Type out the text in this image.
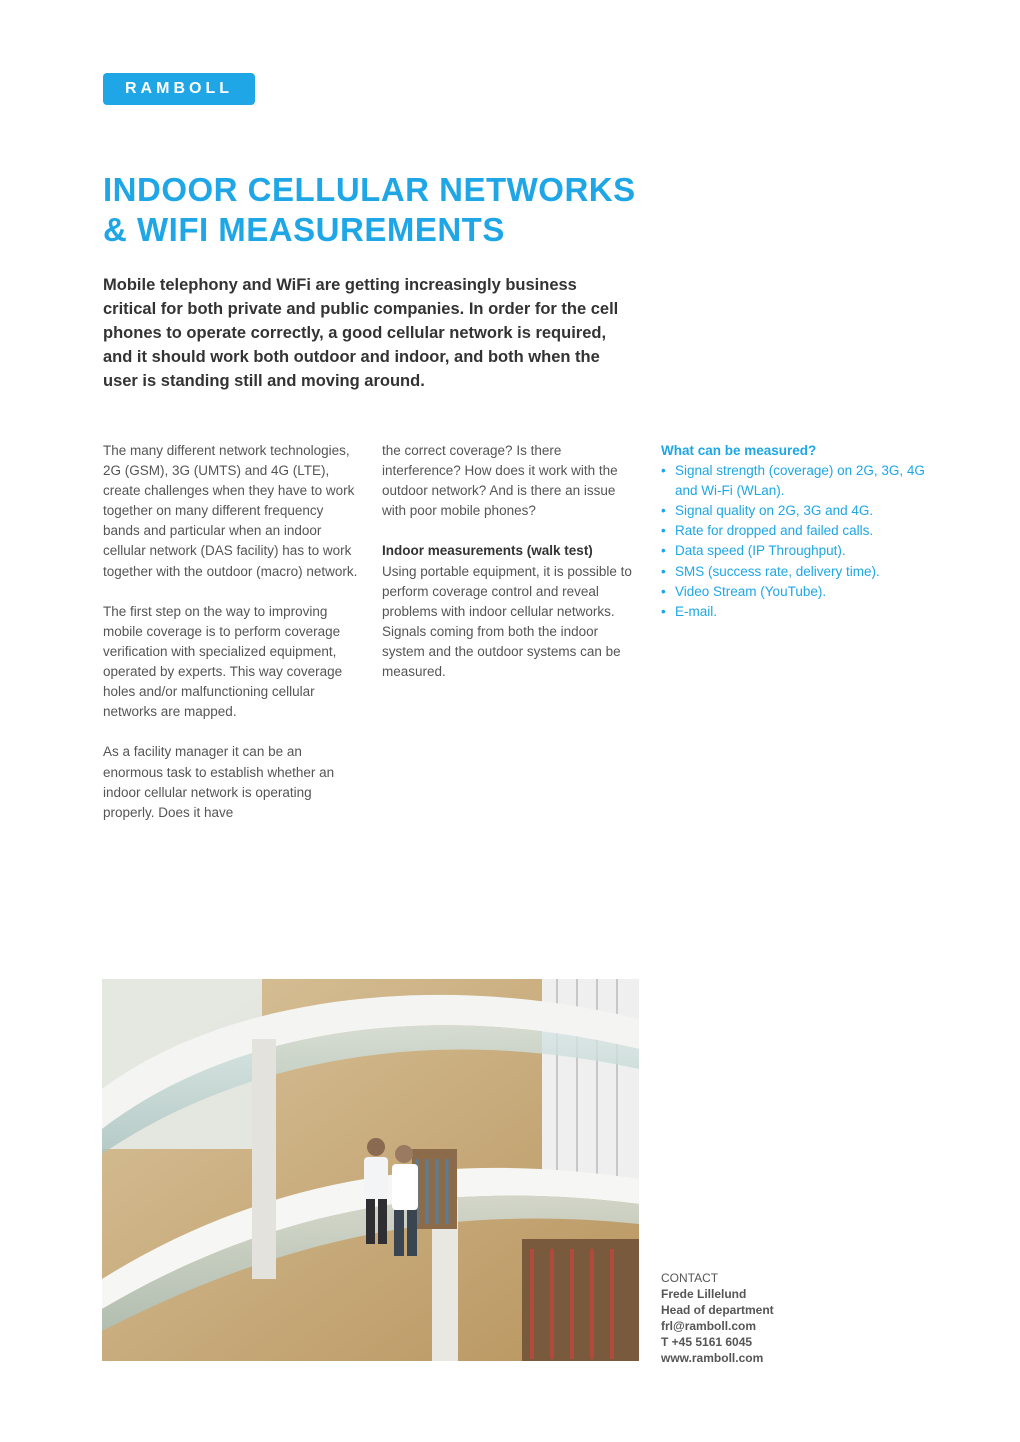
RAMBOLL
INDOOR CELLULAR NETWORKS
& WIFI MEASUREMENTS

Mobile telephony and WiFi are getting increasingly business critical for both private and public companies. In order for the cell phones to operate correctly, a good cellular network is required, and it should work both outdoor and indoor, and both when the user is standing still and moving around.

The many different network technologies, 2G (GSM), 3G (UMTS) and 4G (LTE), create challenges when they have to work together on many different frequency bands and particular when an indoor cellular network (DAS facility) has to work together with the outdoor (macro) network.

The first step on the way to improving mobile coverage is to perform coverage verification with specialized equipment, operated by experts. This way coverage holes and/or malfunctioning cellular networks are mapped.

As a facility manager it can be an enormous task to establish whether an indoor cellular network is operating properly. Does it have

the correct coverage? Is there interference? How does it work with the outdoor network? And is there an issue with poor mobile phones?

Indoor measurements (walk test)

Using portable equipment, it is possible to perform coverage control and reveal problems with indoor cellular networks. Signals coming from both the indoor system and the outdoor systems can be measured.

What can be measured?
• Signal strength (coverage) on 2G, 3G, 4G and Wi-Fi (WLan).
• Signal quality on 2G, 3G and 4G.
• Rate for dropped and failed calls.
• Data speed (IP Throughput).
• SMS (success rate, delivery time).
• Video Stream (YouTube).
• E-mail.
CONTACT
Frede Lillelund
Head of department
frl@ramboll.com
T +45 5161 6045
www.ramboll.com
